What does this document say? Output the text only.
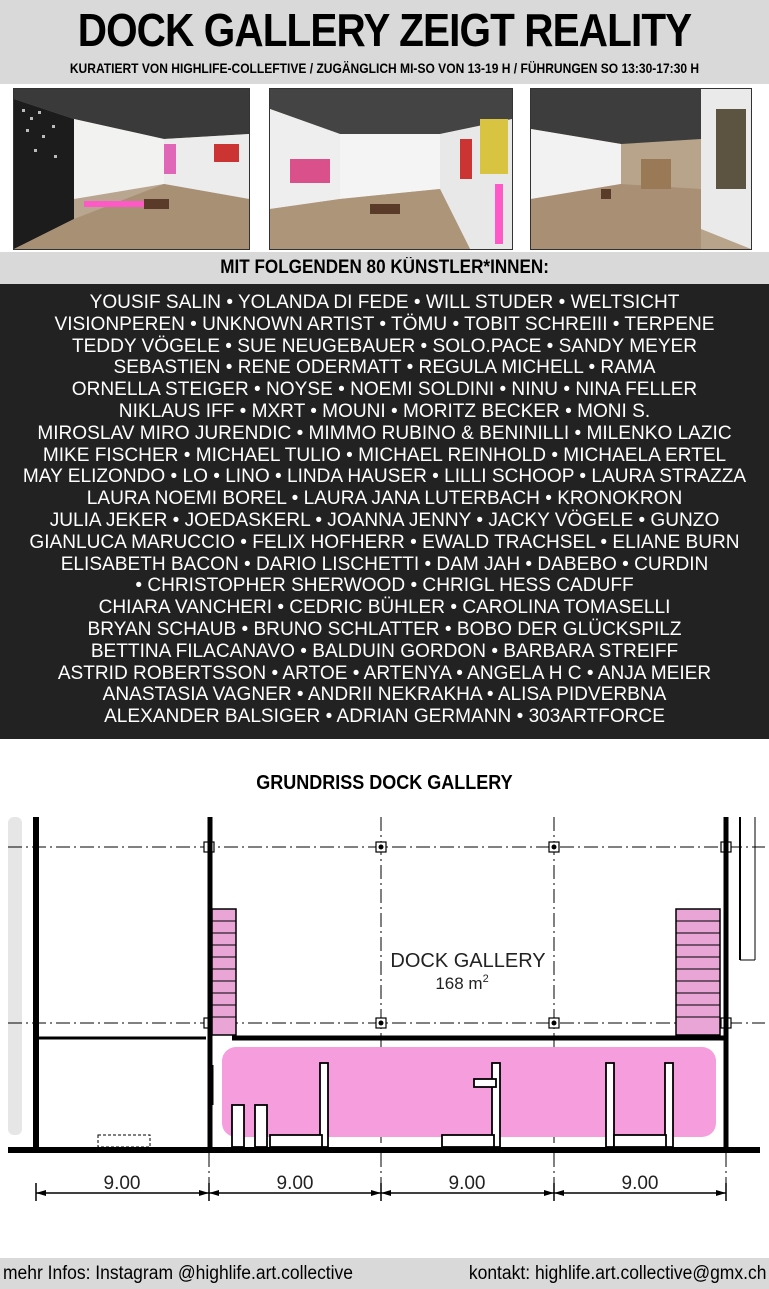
DOCK GALLERY ZEIGT REALITY
KURATIERT VON HIGHLIFE-COLLEFTIVE / ZUGÄNGLICH MI-SO VON 13-19 H / FÜHRUNGEN SO 13:30-17:30 H
MIT FOLGENDEN 80 KÜNSTLER*INNEN:
YOUSIF SALIN • YOLANDA DI FEDE • WILL STUDER • WELTSICHT
VISIONPEREN • UNKNOWN ARTIST • TÖMU • TOBIT SCHREIII • TERPENE
TEDDY VÖGELE • SUE NEUGEBAUER • SOLO.PACE • SANDY MEYER
SEBASTIEN • RENE ODERMATT • REGULA MICHELL • RAMA
ORNELLA STEIGER • NOYSE • NOEMI SOLDINI • NINU • NINA FELLER
NIKLAUS IFF • MXRT • MOUNI • MORITZ BECKER • MONI S.
MIROSLAV MIRO JURENDIC • MIMMO RUBINO & BENINILLI • MILENKO LAZIC
MIKE FISCHER • MICHAEL TULIO • MICHAEL REINHOLD • MICHAELA ERTEL
MAY ELIZONDO • LO • LINO • LINDA HAUSER • LILLI SCHOOP • LAURA STRAZZA
LAURA NOEMI BOREL • LAURA JANA LUTERBACH • KRONOKRON
JULIA JEKER • JOEDASKERL • JOANNA JENNY • JACKY VÖGELE • GUNZO
GIANLUCA MARUCCIO • FELIX HOFHERR • EWALD TRACHSEL • ELIANE BURN
ELISABETH BACON • DARIO LISCHETTI • DAM JAH • DABEBO • CURDIN
• CHRISTOPHER SHERWOOD • CHRIGL HESS CADUFF
CHIARA VANCHERI • CEDRIC BÜHLER • CAROLINA TOMASELLI
BRYAN SCHAUB • BRUNO SCHLATTER • BOBO DER GLÜCKSPILZ
BETTINA FILACANAVO • BALDUIN GORDON • BARBARA STREIFF
ASTRID ROBERTSSON • ARTOE • ARTENYA • ANGELA H C • ANJA MEIER
ANASTASIA VAGNER • ANDRII NEKRAKHA • ALISA PIDVERBNA
ALEXANDER BALSIGER • ADRIAN GERMANN • 303ARTFORCE
GRUNDRISS DOCK GALLERY
DOCK GALLERY
168 $m^2$
9.00	9.00	9.00	9.00
mehr Infos: Instagram @highlife.art.collective	kontakt: highlife.art.collective@gmx.ch
